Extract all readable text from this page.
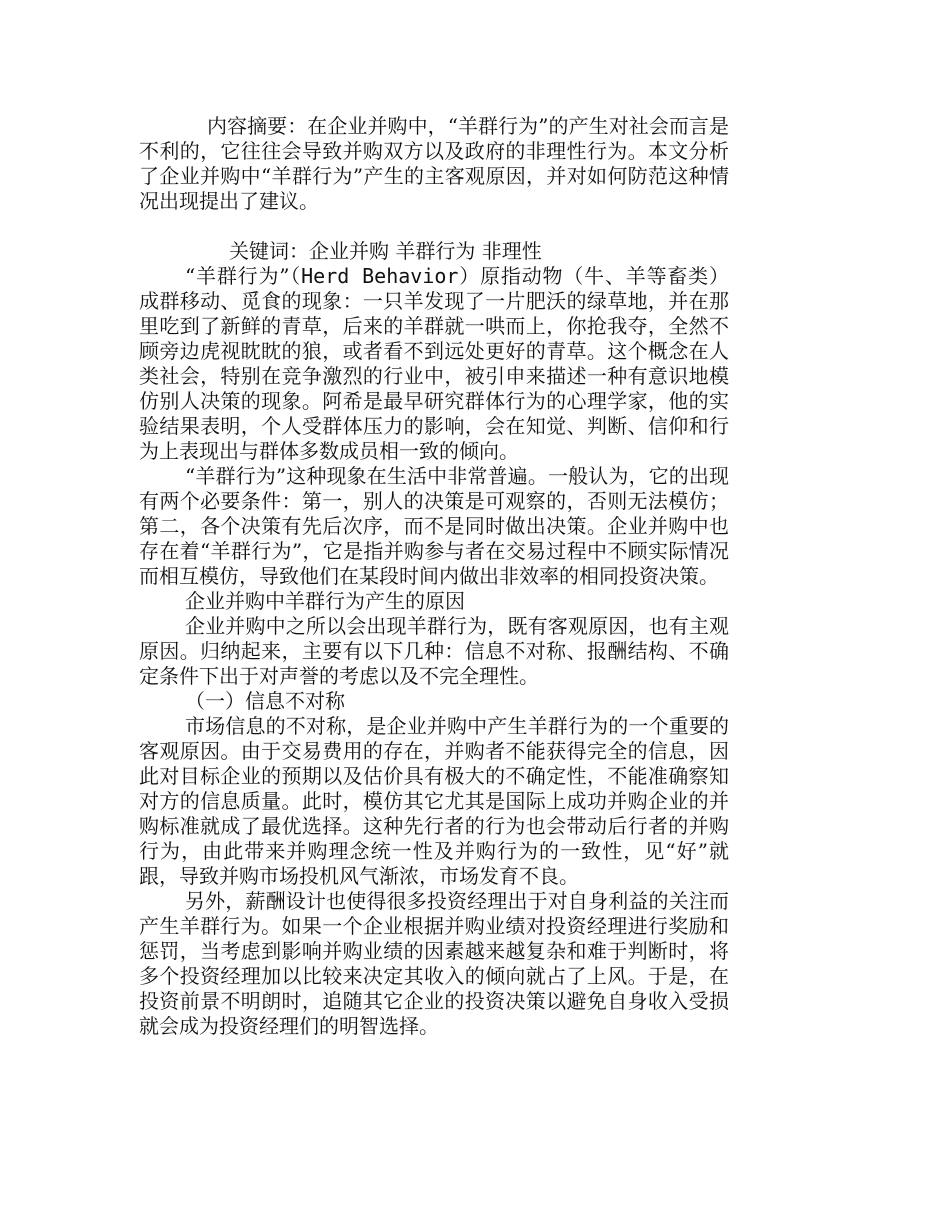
内容摘要：在企业并购中，“羊群行为”的产生对社会而言是不利的，它往往会导致并购双方以及政府的非理性行为。本文分析了企业并购中“羊群行为”产生的主客观原因，并对如何防范这种情况出现提出了建议。

关键词：企业并购 羊群行为 非理性

“羊群行为”（Herd Behavior）原指动物（牛、羊等畜类）成群移动、觅食的现象：一只羊发现了一片肥沃的绿草地，并在那里吃到了新鲜的青草，后来的羊群就一哄而上，你抢我夺，全然不顾旁边虎视眈眈的狼，或者看不到远处更好的青草。这个概念在人类社会，特别在竞争激烈的行业中，被引申来描述一种有意识地模仿别人决策的现象。阿希是最早研究群体行为的心理学家，他的实验结果表明，个人受群体压力的影响，会在知觉、判断、信仰和行为上表现出与群体多数成员相一致的倾向。

“羊群行为”这种现象在生活中非常普遍。一般认为，它的出现有两个必要条件：第一，别人的决策是可观察的，否则无法模仿；第二，各个决策有先后次序，而不是同时做出决策。企业并购中也存在着“羊群行为”，它是指并购参与者在交易过程中不顾实际情况而相互模仿，导致他们在某段时间内做出非效率的相同投资决策。

企业并购中羊群行为产生的原因

企业并购中之所以会出现羊群行为，既有客观原因，也有主观原因。归纳起来，主要有以下几种：信息不对称、报酬结构、不确定条件下出于对声誉的考虑以及不完全理性。

（一）信息不对称

市场信息的不对称，是企业并购中产生羊群行为的一个重要的客观原因。由于交易费用的存在，并购者不能获得完全的信息，因此对目标企业的预期以及估价具有极大的不确定性，不能准确察知对方的信息质量。此时，模仿其它尤其是国际上成功并购企业的并购标准就成了最优选择。这种先行者的行为也会带动后行者的并购行为，由此带来并购理念统一性及并购行为的一致性，见“好”就跟，导致并购市场投机风气渐浓，市场发育不良。

另外，薪酬设计也使得很多投资经理出于对自身利益的关注而产生羊群行为。如果一个企业根据并购业绩对投资经理进行奖励和惩罚，当考虑到影响并购业绩的因素越来越复杂和难于判断时，将多个投资经理加以比较来决定其收入的倾向就占了上风。于是，在投资前景不明朗时，追随其它企业的投资决策以避免自身收入受损就会成为投资经理们的明智选择。
